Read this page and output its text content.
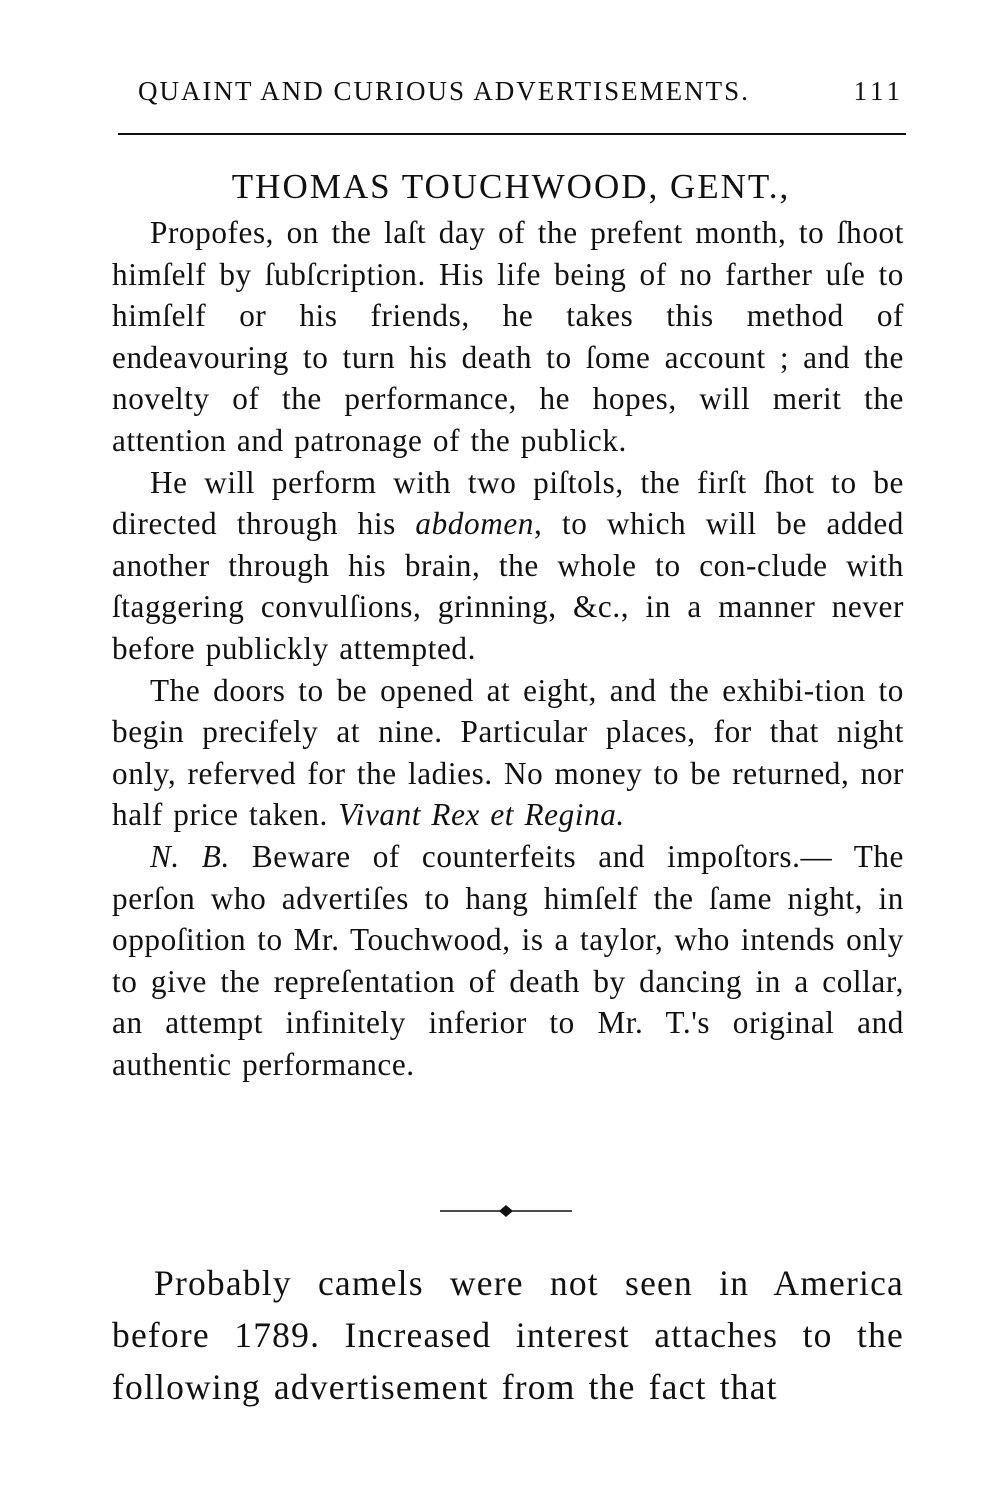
QUAINT AND CURIOUS ADVERTISEMENTS.	111
THOMAS TOUCHWOOD, GENT.,

Propofes, on the laſt day of the prefent month, to ſhoot himſelf by ſubſcription. His life being of no farther uſe to himſelf or his friends, he takes this method of endeavouring to turn his death to ſome account ; and the novelty of the performance, he hopes, will merit the attention and patronage of the publick.

He will perform with two piſtols, the firſt ſhot to be directed through his abdomen, to which will be added another through his brain, the whole to con-clude with ſtaggering convulſions, grinning, &c., in a manner never before publickly attempted.

The doors to be opened at eight, and the exhibi-tion to begin precifely at nine. Particular places, for that night only, referved for the ladies. No money to be returned, nor half price taken. Vivant Rex et Regina.

N. B. Beware of counterfeits and impoſtors.— The perſon who advertiſes to hang himſelf the ſame night, in oppoſition to Mr. Touchwood, is a taylor, who intends only to give the repreſentation of death by dancing in a collar, an attempt infinitely inferior to Mr. T.'s original and authentic performance.

Probably camels were not seen in America before 1789. Increased interest attaches to the following advertisement from the fact that
